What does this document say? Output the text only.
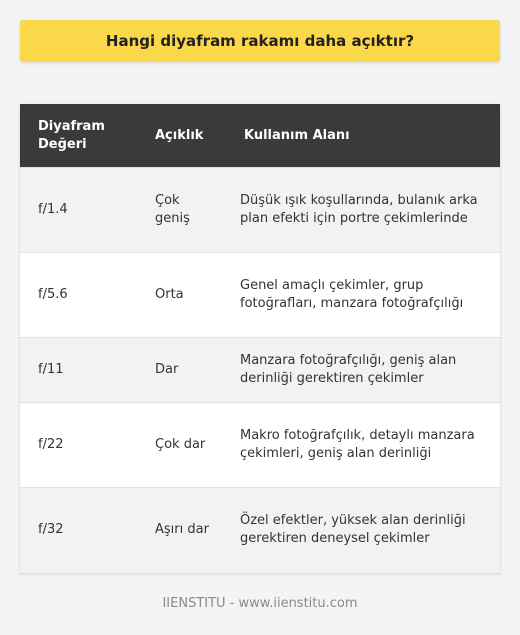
Hangi diyafram rakamı daha açıktır?
Diyafram Değeri	Açıklık	Kullanım Alanı
f/1.4	Çok geniş	Düşük ışık koşullarında, bulanık arka plan efekti için portre çekimlerinde
f/5.6	Orta	Genel amaçlı çekimler, grup fotoğrafları, manzara fotoğrafçılığı
f/11	Dar	Manzara fotoğrafçılığı, geniş alan derinliği gerektiren çekimler
f/22	Çok dar	Makro fotoğrafçılık, detaylı manzara çekimleri, geniş alan derinliği
f/32	Aşırı dar	Özel efektler, yüksek alan derinliği gerektiren deneysel çekimler
IIENSTITU - www.iienstitu.com
